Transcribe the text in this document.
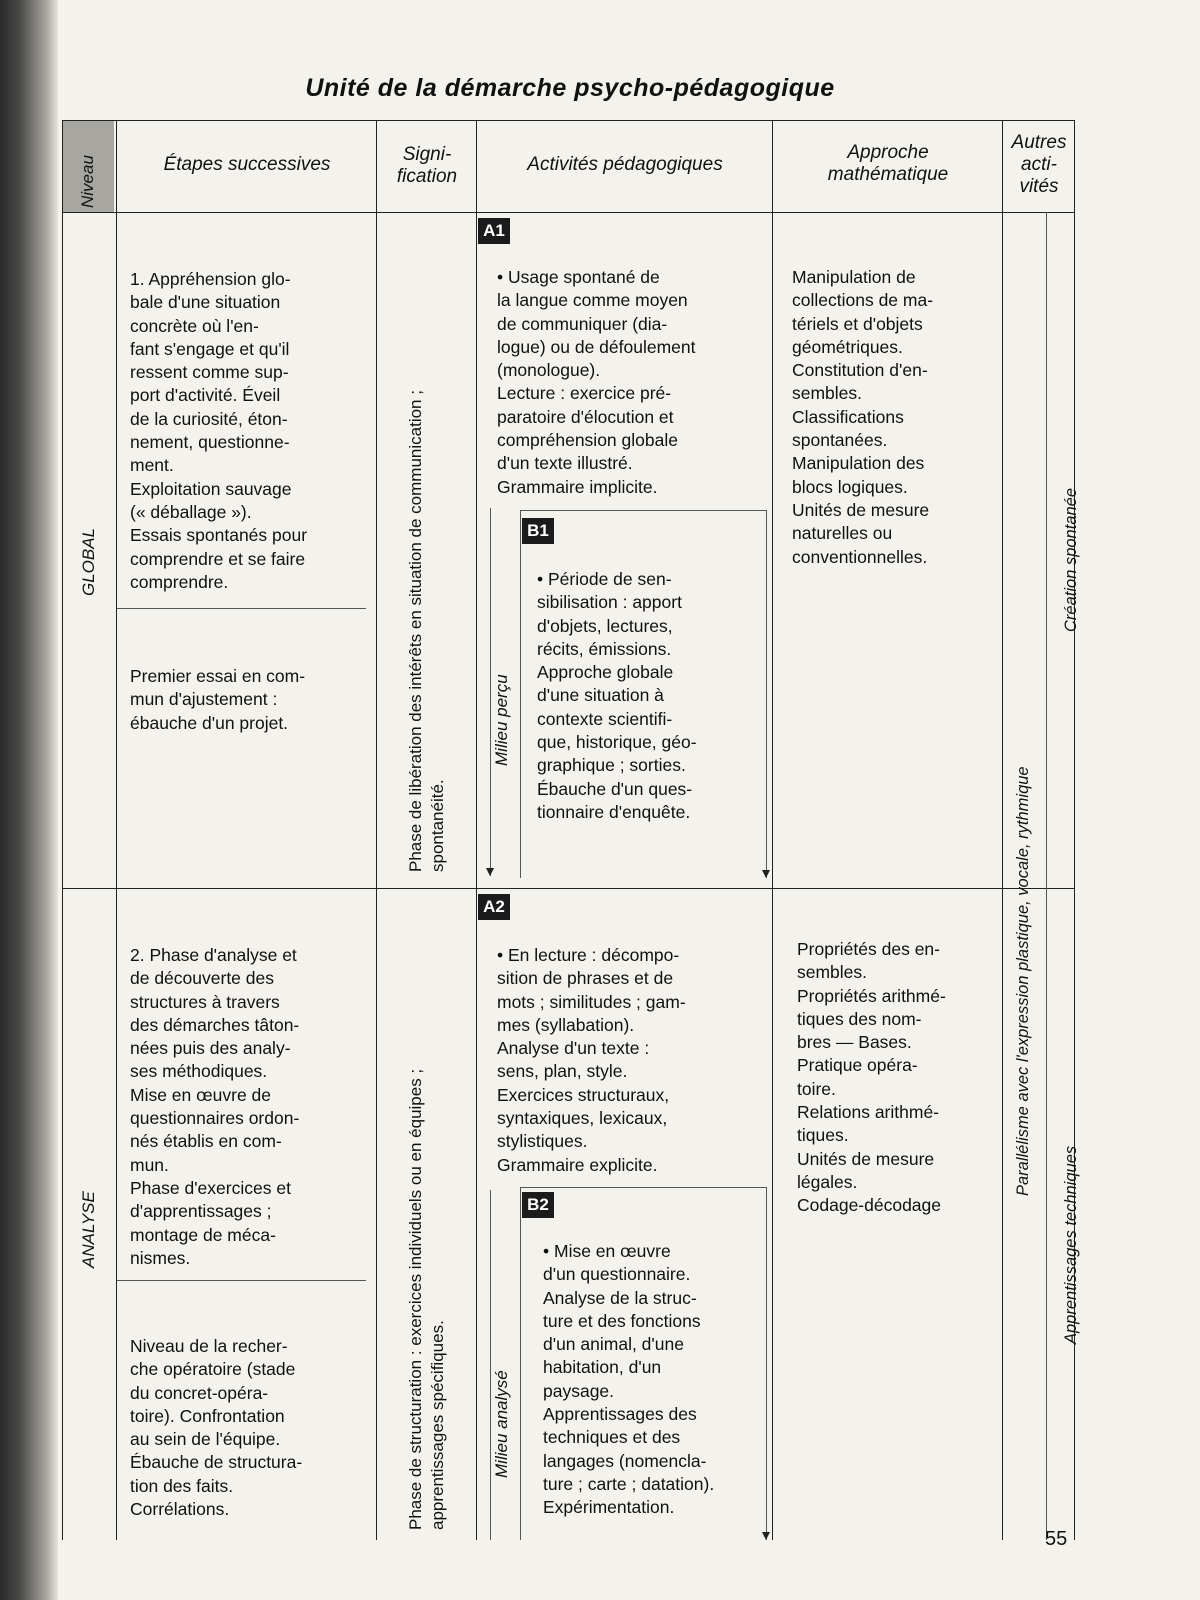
Unité de la démarche psycho-pédagogique
Niveau	Étapes successives	Signi-
fication
Activités pédagogiques
Approche
mathématique
Autres
acti-
vités
GLOBAL
ANALYSE

1. Appréhension glo-

bale d'une situation

concrète où l'en-

fant s'engage et qu'il

ressent comme sup-

port d'activité. Éveil

de la curiosité, éton-

nement, questionne-

ment.

Exploitation sauvage

(« déballage »).

Essais spontanés pour

comprendre et se faire

comprendre.

Premier essai en com-

mun d'ajustement :

ébauche d'un projet.

2. Phase d'analyse et

de découverte des

structures à travers

des démarches tâton-

nées puis des analy-

ses méthodiques.

Mise en œuvre de

questionnaires ordon-

nés établis en com-

mun.

Phase d'exercices et

d'apprentissages ;

montage de méca-

nismes.

Niveau de la recher-

che opératoire (stade

du concret-opéra-

toire). Confrontation

au sein de l'équipe.

Ébauche de structura-

tion des faits.

Corrélations.

Phase de libération des intérêts en situation de communication ; spontanéité.
Phase de structuration : exercices individuels ou en équipes ; apprentissages spécifiques.
A1
B1
A2
B2
Milieu perçu
Milieu analysé

• Usage spontané de

la langue comme moyen

de communiquer (dia-

logue) ou de défoulement

(monologue).

Lecture : exercice pré-

paratoire d'élocution et

compréhension globale

d'un texte illustré.

Grammaire implicite.

• Période de sen-

sibilisation : apport

d'objets, lectures,

récits, émissions.

Approche globale

d'une situation à

contexte scientifi-

que, historique, géo-

graphique ; sorties.

Ébauche d'un ques-

tionnaire d'enquête.

• En lecture : décompo-

sition de phrases et de

mots ; similitudes ; gam-

mes (syllabation).

Analyse d'un texte :

sens, plan, style.

Exercices structuraux,

syntaxiques, lexicaux,

stylistiques.

Grammaire explicite.

• Mise en œuvre

d'un questionnaire.

Analyse de la struc-

ture et des fonctions

d'un animal, d'une

habitation, d'un

paysage.

Apprentissages des

techniques et des

langages (nomencla-

ture ; carte ; datation).

Expérimentation.

Manipulation de

collections de ma-

tériels et d'objets

géométriques.

Constitution d'en-

sembles.

Classifications

spontanées.

Manipulation des

blocs logiques.

Unités de mesure

naturelles ou

conventionnelles.

Propriétés des en-

sembles.

Propriétés arithmé-

tiques des nom-

bres — Bases.

Pratique opéra-

toire.

Relations arithmé-

tiques.

Unités de mesure

légales.

Codage-décodage

Parallélisme avec l'expression plastique, vocale, rythmique
Création spontanée
Apprentissages techniques
55
